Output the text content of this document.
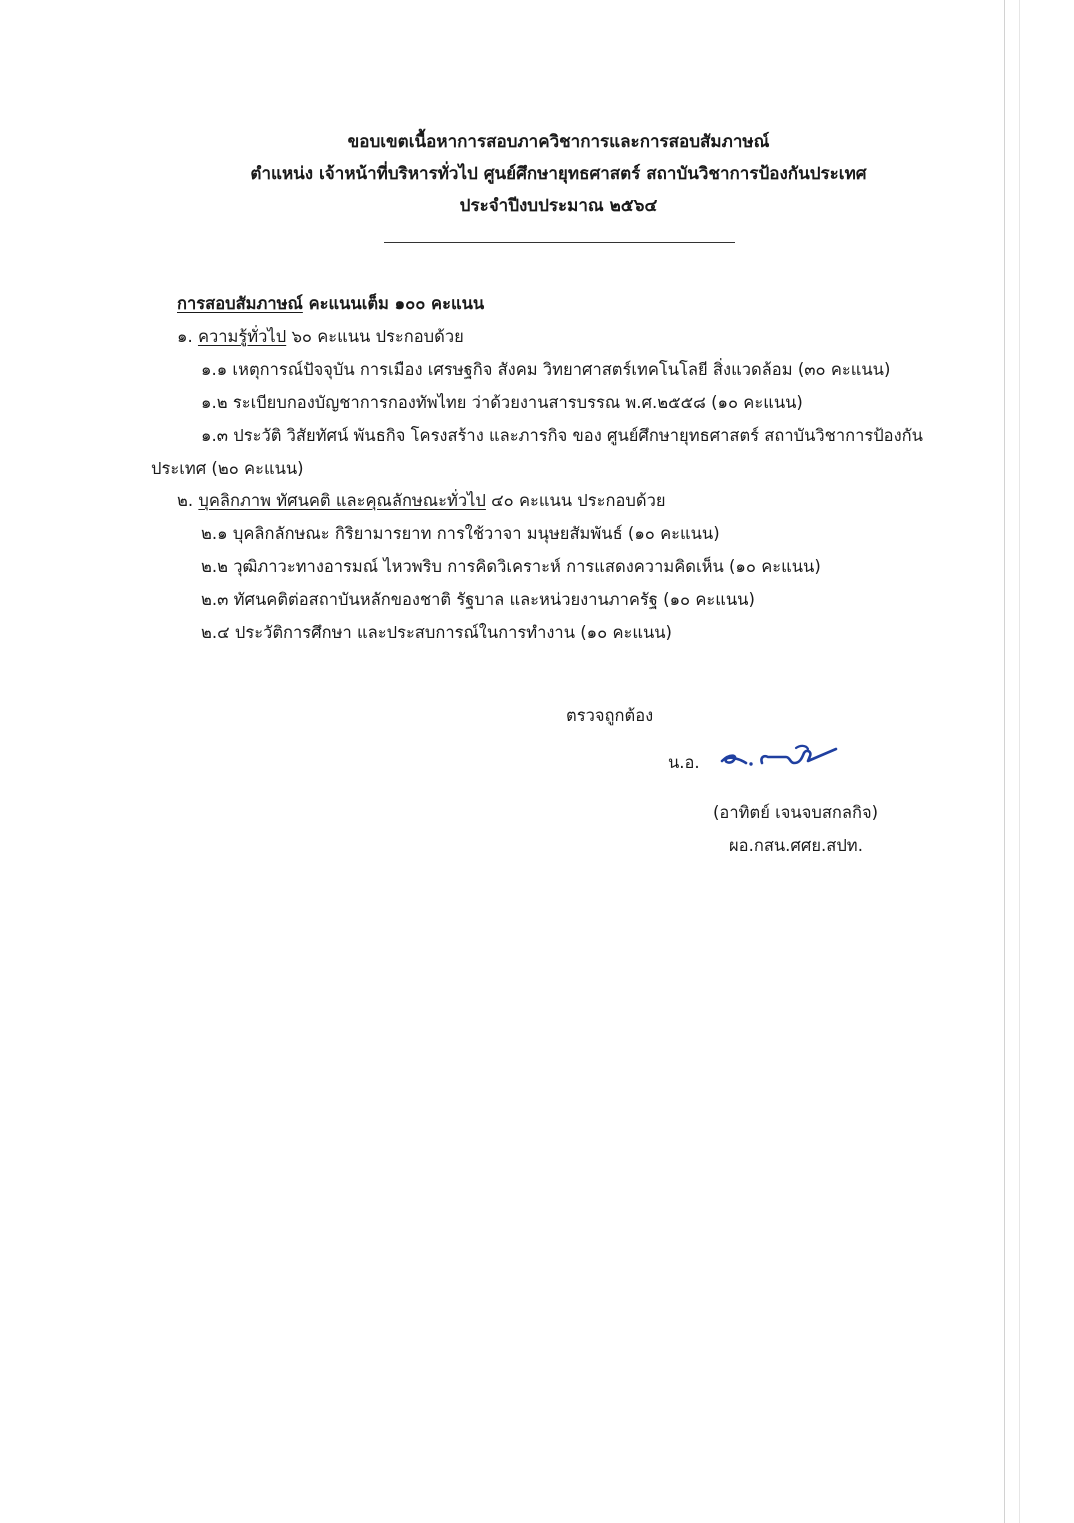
ขอบเขตเนื้อหาการสอบภาควิชาการและการสอบสัมภาษณ์
ตำแหน่ง เจ้าหน้าที่บริหารทั่วไป ศูนย์ศึกษายุทธศาสตร์ สถาบันวิชาการป้องกันประเทศ
ประจำปีงบประมาณ ๒๕๖๔
การสอบสัมภาษณ์ คะแนนเต็ม ๑๐๐ คะแนน
๑. ความรู้ทั่วไป ๖๐ คะแนน ประกอบด้วย
๑.๑ เหตุการณ์ปัจจุบัน การเมือง เศรษฐกิจ สังคม วิทยาศาสตร์เทคโนโลยี สิ่งแวดล้อม (๓๐ คะแนน)
๑.๒ ระเบียบกองบัญชาการกองทัพไทย ว่าด้วยงานสารบรรณ พ.ศ.๒๕๕๘ (๑๐ คะแนน)
๑.๓ ประวัติ วิสัยทัศน์ พันธกิจ โครงสร้าง และภารกิจ ของ ศูนย์ศึกษายุทธศาสตร์ สถาบันวิชาการป้องกัน
ประเทศ (๒๐ คะแนน)
๒. บุคลิกภาพ ทัศนคติ และคุณลักษณะทั่วไป ๔๐ คะแนน ประกอบด้วย
๒.๑ บุคลิกลักษณะ กิริยามารยาท การใช้วาจา มนุษยสัมพันธ์ (๑๐ คะแนน)
๒.๒ วุฒิภาวะทางอารมณ์ ไหวพริบ การคิดวิเคราะห์ การแสดงความคิดเห็น (๑๐ คะแนน)
๒.๓ ทัศนคติต่อสถาบันหลักของชาติ รัฐบาล และหน่วยงานภาครัฐ (๑๐ คะแนน)
๒.๔ ประวัติการศึกษา และประสบการณ์ในการทำงาน (๑๐ คะแนน)
ตรวจถูกต้อง
น.อ.
(อาทิตย์ เจนจบสกลกิจ)
ผอ.กสน.ศศย.สปท.
